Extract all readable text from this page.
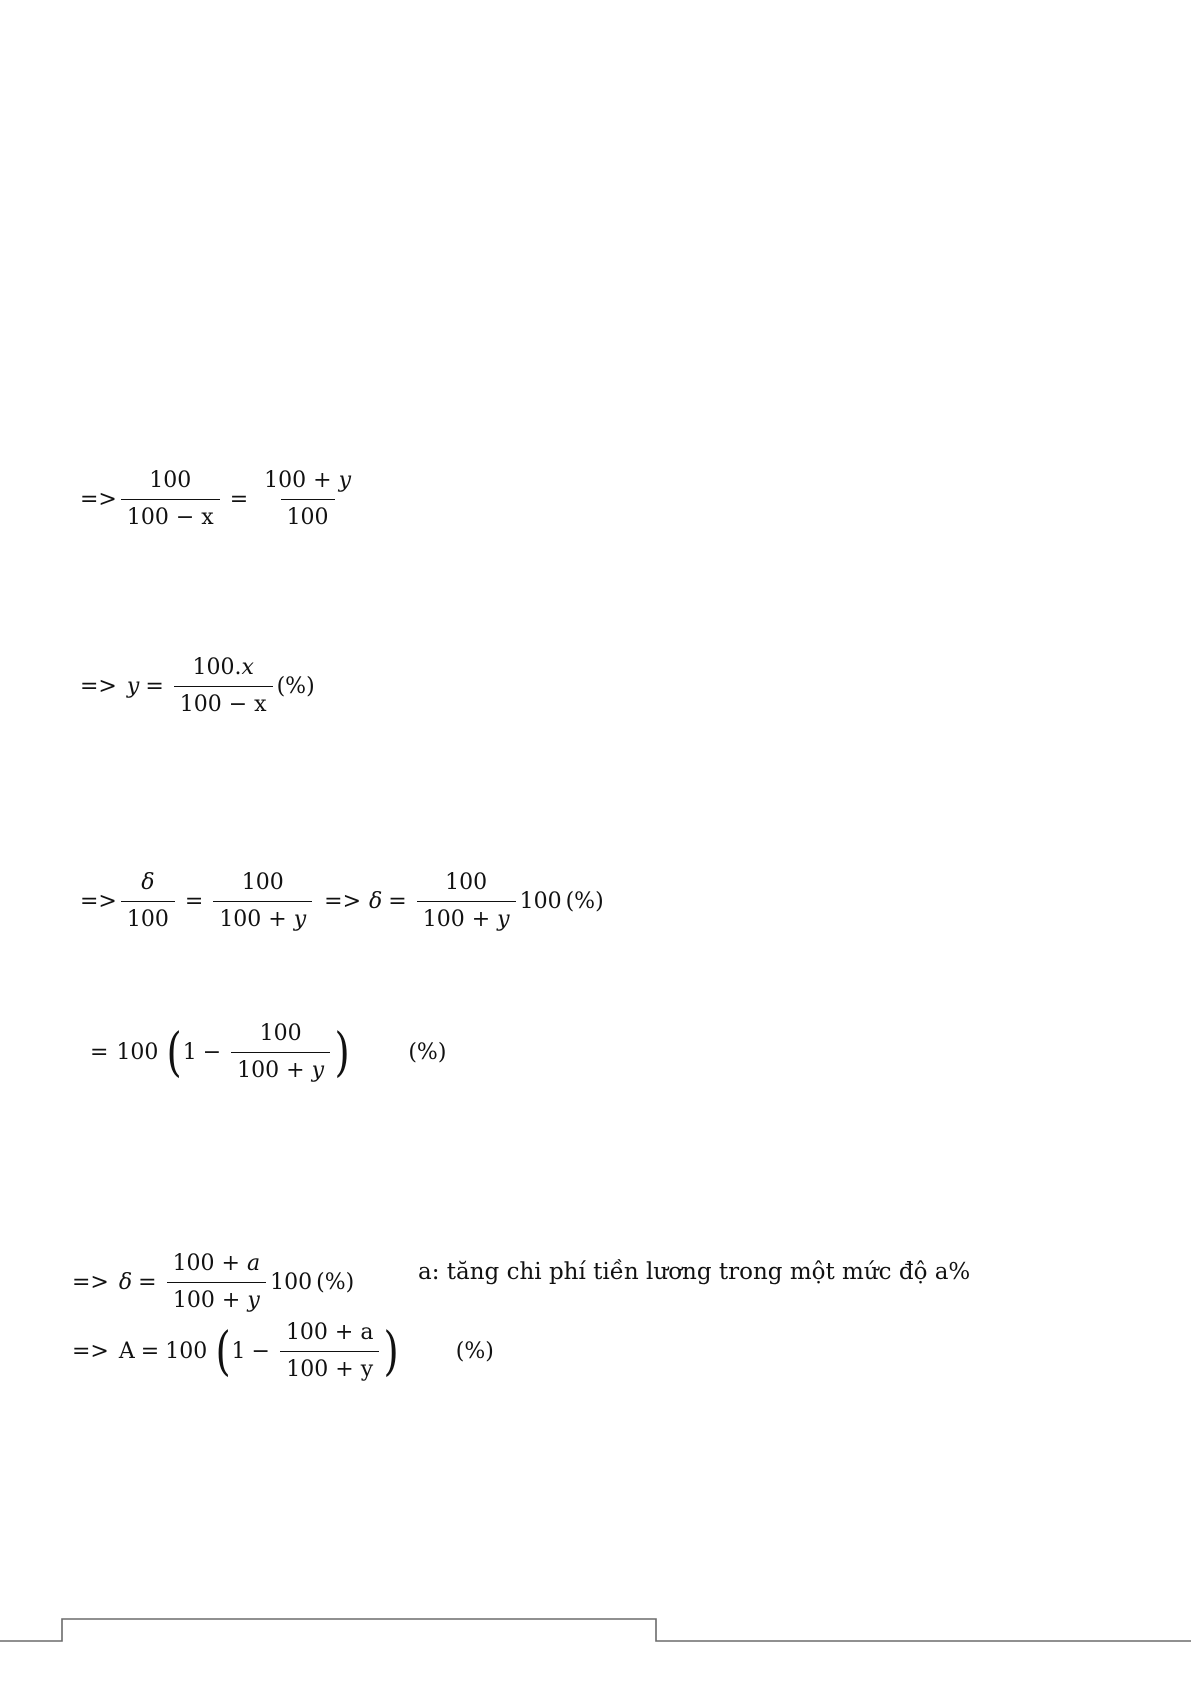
=> $\frac{100}{100 - x} = \frac{100 + y}{100}$
=> $y = \frac{100.x}{100 - x}$ (%)
=> $\frac{\delta}{100} = \frac{100}{100 + y} => \delta = \frac{100}{100 + y} 100$ (%)
= 100 ( $1 - \frac{100}{100 + y}$ )	(%)
=> $\delta = \frac{100 + a}{100 + y} 100$ (%)	a: tăng chi phí tiền lương trong một mức độ a%
=> A = 100 ( $1 - \frac{100 + a}{100 + y}$ )	(%)
